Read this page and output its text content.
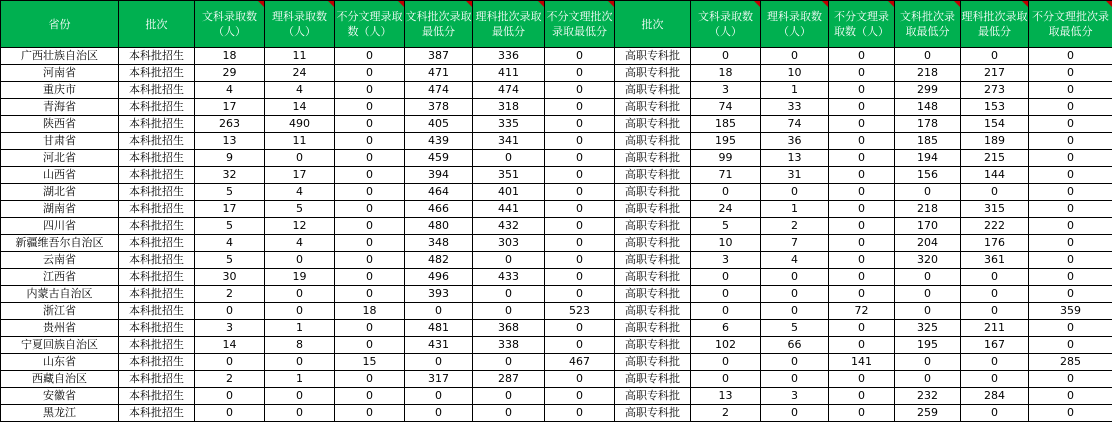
省份	批次	文科录取数（人）	理科录取数（人）	不分文理录取数（人）	文科批次录取最低分	理科批次录取最低分	不分文理批次录取最低分	批次	文科录取数（人）	理科录取数（人）	不分文理录取数（人）	文科批次录取最低分	理科批次录取最低分	不分文理批次录取最低分
广西壮族自治区	本科批招生	18	11	0	387	336	0	高职专科批	0	0	0	0	0	0
河南省	本科批招生	29	24	0	471	411	0	高职专科批	18	10	0	218	217	0
重庆市	本科批招生	4	4	0	474	474	0	高职专科批	3	1	0	299	273	0
青海省	本科批招生	17	14	0	378	318	0	高职专科批	74	33	0	148	153	0
陕西省	本科批招生	263	490	0	405	335	0	高职专科批	185	74	0	178	154	0
甘肃省	本科批招生	13	11	0	439	341	0	高职专科批	195	36	0	185	189	0
河北省	本科批招生	9	0	0	459	0	0	高职专科批	99	13	0	194	215	0
山西省	本科批招生	32	17	0	394	351	0	高职专科批	71	31	0	156	144	0
湖北省	本科批招生	5	4	0	464	401	0	高职专科批	0	0	0	0	0	0
湖南省	本科批招生	17	5	0	466	441	0	高职专科批	24	1	0	218	315	0
四川省	本科批招生	5	12	0	480	432	0	高职专科批	5	2	0	170	222	0
新疆维吾尔自治区	本科批招生	4	4	0	348	303	0	高职专科批	10	7	0	204	176	0
云南省	本科批招生	5	0	0	482	0	0	高职专科批	3	4	0	320	361	0
江西省	本科批招生	30	19	0	496	433	0	高职专科批	0	0	0	0	0	0
内蒙古自治区	本科批招生	2	0	0	393	0	0	高职专科批	0	0	0	0	0	0
浙江省	本科批招生	0	0	18	0	0	523	高职专科批	0	0	72	0	0	359
贵州省	本科批招生	3	1	0	481	368	0	高职专科批	6	5	0	325	211	0
宁夏回族自治区	本科批招生	14	8	0	431	338	0	高职专科批	102	66	0	195	167	0
山东省	本科批招生	0	0	15	0	0	467	高职专科批	0	0	141	0	0	285
西藏自治区	本科批招生	2	1	0	317	287	0	高职专科批	0	0	0	0	0	0
安徽省	本科批招生	0	0	0	0	0	0	高职专科批	13	3	0	232	284	0
黑龙江	本科批招生	0	0	0	0	0	0	高职专科批	2	0	0	259	0	0
